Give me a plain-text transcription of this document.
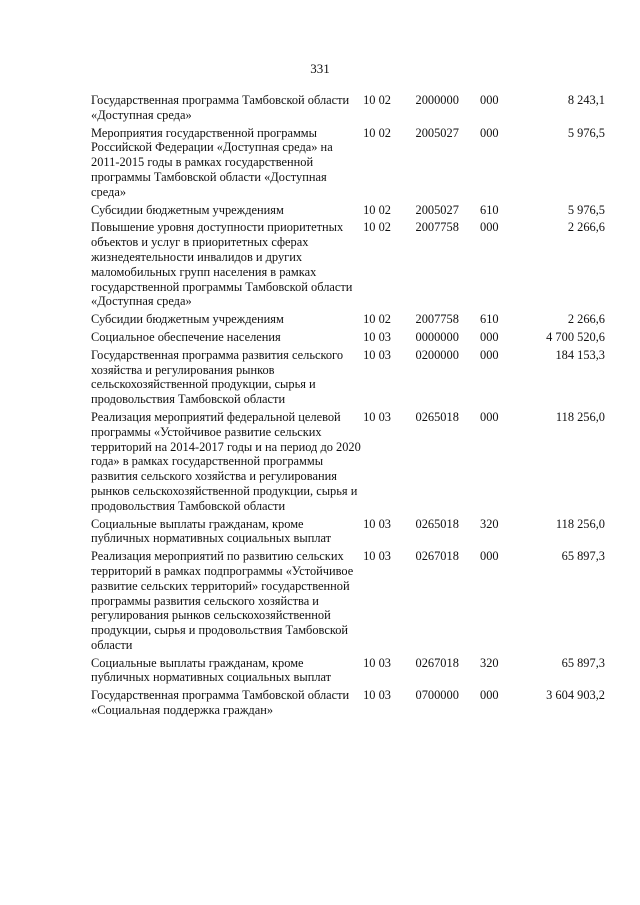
331
Государственная программа Тамбовской области «Доступная среда»	10 02	2000000	000	8 243,1
Мероприятия государственной программы Российской Федерации «Доступная среда» на 2011-2015 годы в рамках государственной программы Тамбовской области «Доступная среда»	10 02	2005027	000	5 976,5
Субсидии бюджетным учреждениям	10 02	2005027	610	5 976,5
Повышение уровня доступности приоритетных объектов и услуг в приоритетных сферах жизнедеятельности инвалидов и других маломобильных групп населения в рамках государственной программы Тамбовской области «Доступная среда»	10 02	2007758	000	2 266,6
Субсидии бюджетным учреждениям	10 02	2007758	610	2 266,6
Социальное обеспечение населения	10 03	0000000	000	4 700 520,6
Государственная программа развития сельского хозяйства и регулирования рынков сельскохозяйственной продукции, сырья и продовольствия Тамбовской области	10 03	0200000	000	184 153,3
Реализация мероприятий федеральной целевой программы «Устойчивое развитие сельских территорий на 2014-2017 годы и на период до 2020 года» в рамках государственной программы развития сельского хозяйства и регулирования рынков сельскохозяйственной продукции, сырья и продовольствия Тамбовской области	10 03	0265018	000	118 256,0
Социальные выплаты гражданам, кроме публичных нормативных социальных выплат	10 03	0265018	320	118 256,0
Реализация мероприятий по развитию сельских территорий в рамках подпрограммы «Устойчивое развитие сельских территорий» государственной программы развития сельского хозяйства и регулирования рынков сельскохозяйственной продукции, сырья и продовольствия Тамбовской области	10 03	0267018	000	65 897,3
Социальные выплаты гражданам, кроме публичных нормативных социальных выплат	10 03	0267018	320	65 897,3
Государственная программа Тамбовской области «Социальная поддержка граждан»	10 03	0700000	000	3 604 903,2
